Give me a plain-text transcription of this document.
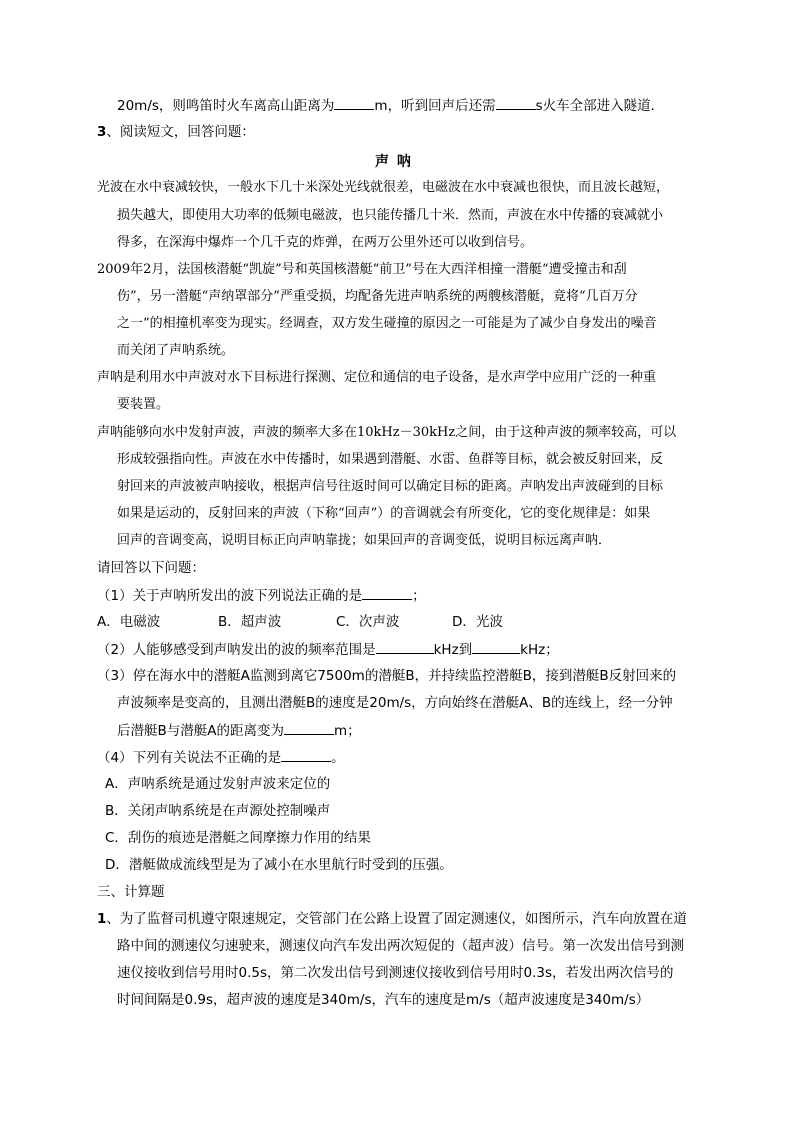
20m/s，则鸣笛时火车离高山距离为	m，听到回声后还需	s火车全部进入隧道．
3、阅读短文，回答问题：
声呐
光波在水中衰减较快，一般水下几十米深处光线就很差，电磁波在水中衰减也很快，而且波长越短，
损失越大，即使用大功率的低频电磁波，也只能传播几十米．然而，声波在水中传播的衰减就小
得多，在深海中爆炸一个几千克的炸弹，在两万公里外还可以收到信号。
2009年2月，法国核潜艇“凯旋”号和英国核潜艇“前卫”号在大西洋相撞一潜艇“遭受撞击和刮
伤”，另一潜艇“声纳罩部分”严重受损，均配备先进声呐系统的两艘核潜艇，竟将“几百万分
之一”的相撞机率变为现实。经调查，双方发生碰撞的原因之一可能是为了减少自身发出的噪音
而关闭了声呐系统。
声呐是利用水中声波对水下目标进行探测、定位和通信的电子设备，是水声学中应用广泛的一种重
要装置。
声呐能够向水中发射声波，声波的频率大多在10kHz－30kHz之间，由于这种声波的频率较高，可以
形成较强指向性。声波在水中传播时，如果遇到潜艇、水雷、鱼群等目标，就会被反射回来，反
射回来的声波被声呐接收，根据声信号往返时间可以确定目标的距离。声呐发出声波碰到的目标
如果是运动的，反射回来的声波（下称“回声”）的音调就会有所变化，它的变化规律是：如果
回声的音调变高，说明目标正向声呐靠拢；如果回声的音调变低，说明目标远离声呐．
请回答以下问题：
（1）关于声呐所发出的波下列说法正确的是	；
A．电磁波	B．超声波	C．次声波	D．光波
（2）人能够感受到声呐发出的波的频率范围是	kHz到	kHz；
（3）停在海水中的潜艇A监测到离它7500m的潜艇B，并持续监控潜艇B，接到潜艇B反射回来的
声波频率是变高的，且测出潜艇B的速度是20m/s，方向始终在潜艇A、B的连线上，经一分钟
后潜艇B与潜艇A的距离变为	m；
（4）下列有关说法不正确的是	。
A．声呐系统是通过发射声波来定位的
B．关闭声呐系统是在声源处控制噪声
C．刮伤的痕迹是潜艇之间摩擦力作用的结果
D．潜艇做成流线型是为了减小在水里航行时受到的压强。
三、计算题
1、为了监督司机遵守限速规定，交管部门在公路上设置了固定测速仪，如图所示，汽车向放置在道
路中间的测速仪匀速驶来，测速仪向汽车发出两次短促的（超声波）信号。第一次发出信号到测
速仪接收到信号用时0.5s，第二次发出信号到测速仪接收到信号用时0.3s，若发出两次信号的
时间间隔是0.9s，超声波的速度是340m/s，汽车的速度是m/s（超声波速度是340m/s）
